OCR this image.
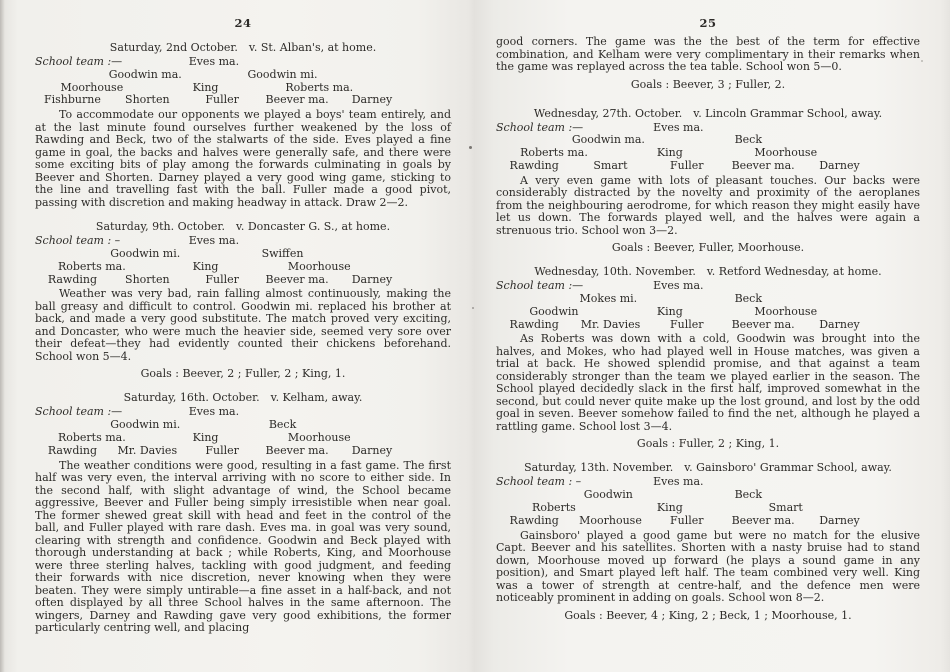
24
Saturday, 2nd October. v. St. Alban's, at home.
School team :—	Eves ma.
Goodwin ma.	Goodwin mi.
Moorhouse	King	Roberts ma.
Fishburne	Shorten	Fuller	Beever ma.	Darney

To accommodate our opponents we played a boys' team entirely, and at the last minute found ourselves further weakened by the loss of Rawding and Beck, two of the stalwarts of the side. Eves played a fine game in goal, the backs and halves were generally safe, and there were some exciting bits of play among the forwards culminating in goals by Beever and Shorten. Darney played a very good wing game, sticking to the line and travelling fast with the ball. Fuller made a good pivot, passing with discretion and making headway in attack. Draw 2—2.

Saturday, 9th. October. v. Doncaster G. S., at home.
School team : –	Eves ma.
Goodwin mi.	Swiffen
Roberts ma.	King	Moorhouse
Rawding	Shorten	Fuller	Beever ma.	Darney

Weather was very bad, rain falling almost continuously, making the ball greasy and difficult to control. Goodwin mi. replaced his brother at back, and made a very good substitute. The match proved very exciting, and Doncaster, who were much the heavier side, seemed very sore over their defeat—they had evidently counted their chickens beforehand. School won 5—4.

Goals : Beever, 2 ; Fuller, 2 ; King, 1.

Saturday, 16th. October. v. Kelham, away.
School team :—	Eves ma.
Goodwin mi.	Beck
Roberts ma.	King	Moorhouse
Rawding	Mr. Davies	Fuller	Beever ma.	Darney

The weather conditions were good, resulting in a fast game. The first half was very even, the interval arriving with no score to either side. In the second half, with slight advantage of wind, the School became aggressive, Beever and Fuller being simply irresistible when near goal. The former shewed great skill with head and feet in the control of the ball, and Fuller played with rare dash. Eves ma. in goal was very sound, clearing with strength and confidence. Goodwin and Beck played with thorough understanding at back ; while Roberts, King, and Moorhouse were three sterling halves, tackling with good judgment, and feeding their forwards with nice discretion, never knowing when they were beaten. They were simply untirable—a fine asset in a half-back, and not often displayed by all three School halves in the same afternoon. The wingers, Darney and Rawding gave very good exhibitions, the former particularly centring well, and placing

25

good corners. The game was the the best of the term for effective combination, and Kelham were very complimentary in their remarks when the game was replayed across the tea table. School won 5—0.

Goals : Beever, 3 ; Fuller, 2.

Wednesday, 27th. October. v. Lincoln Grammar School, away.
School team :—	Eves ma.
Goodwin ma.	Beck
Roberts ma.	King	Moorhouse
Rawding	Smart	Fuller	Beever ma.	Darney

A very even game with lots of pleasant touches. Our backs were considerably distracted by the novelty and proximity of the aeroplanes from the neighbouring aerodrome, for which reason they might easily have let us down. The forwards played well, and the halves were again a strenuous trio. School won 3—2.

Goals : Beever, Fuller, Moorhouse.

Wednesday, 10th. November. v. Retford Wednesday, at home.
School team :—	Eves ma.
Mokes mi.	Beck
Goodwin	King	Moorhouse
Rawding	Mr. Davies	Fuller	Beever ma.	Darney

As Roberts was down with a cold, Goodwin was brought into the halves, and Mokes, who had played well in House matches, was given a trial at back. He showed splendid promise, and that against a team considerably stronger than the team we played earlier in the season. The School played decidedly slack in the first half, improved somewhat in the second, but could never quite make up the lost ground, and lost by the odd goal in seven. Beever somehow failed to find the net, although he played a rattling game. School lost 3—4.

Goals : Fuller, 2 ; King, 1.

Saturday, 13th. November. v. Gainsboro' Grammar School, away.
School team : –	Eves ma.
Goodwin	Beck
Roberts	King	Smart
Rawding	Moorhouse	Fuller	Beever ma.	Darney

Gainsboro' played a good game but were no match for the elusive Capt. Beever and his satellites. Shorten with a nasty bruise had to stand down, Moorhouse moved up forward (he plays a sound game in any position), and Smart played left half. The team combined very well. King was a tower of strength at centre-half, and the defence men were noticeably prominent in adding on goals. School won 8—2.

Goals : Beever, 4 ; King, 2 ; Beck, 1 ; Moorhouse, 1.
